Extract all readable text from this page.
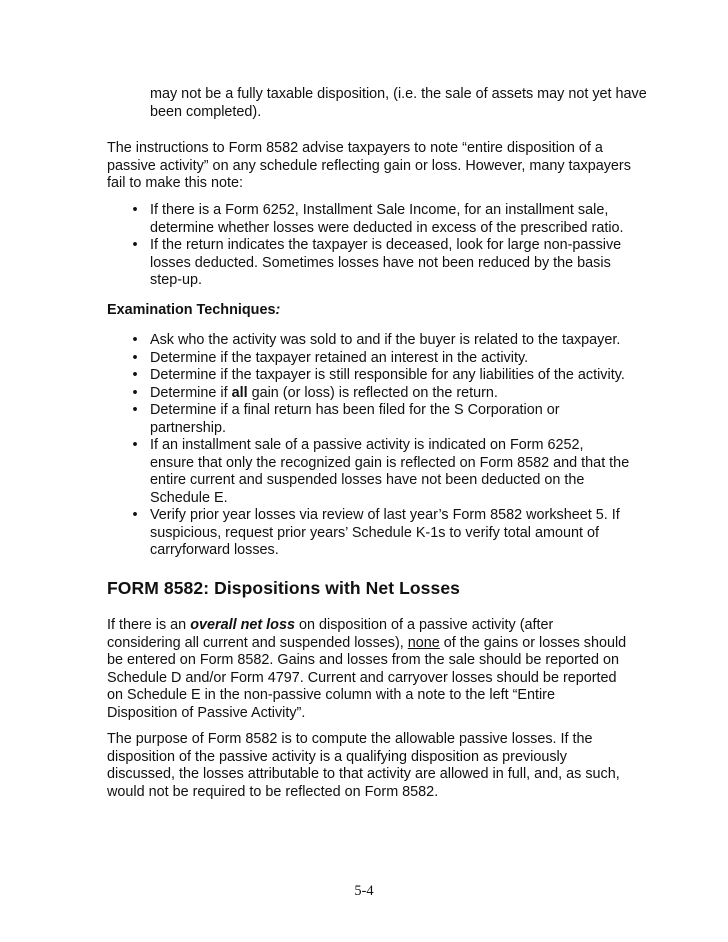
may not be a fully taxable disposition, (i.e. the sale of assets may not yet have been completed).

The instructions to Form 8582 advise taxpayers to note “entire disposition of a passive activity” on any schedule reflecting gain or loss. However, many taxpayers fail to make this note:

• If there is a Form 6252, Installment Sale Income, for an installment sale, determine whether losses were deducted in excess of the prescribed ratio.
• If the return indicates the taxpayer is deceased, look for large non-passive losses deducted. Sometimes losses have not been reduced by the basis step-up.
Examination Techniques:
• Ask who the activity was sold to and if the buyer is related to the taxpayer.
• Determine if the taxpayer retained an interest in the activity.
• Determine if the taxpayer is still responsible for any liabilities of the activity.
• Determine if all gain (or loss) is reflected on the return.
• Determine if a final return has been filed for the S Corporation or partnership.
• If an installment sale of a passive activity is indicated on Form 6252, ensure that only the recognized gain is reflected on Form 8582 and that the entire current and suspended losses have not been deducted on the Schedule E.
• Verify prior year losses via review of last year’s Form 8582 worksheet 5. If suspicious, request prior years’ Schedule K-1s to verify total amount of carryforward losses.
FORM 8582: Dispositions with Net Losses

If there is an overall net loss on disposition of a passive activity (after considering all current and suspended losses), none of the gains or losses should be entered on Form 8582. Gains and losses from the sale should be reported on Schedule D and/or Form 4797. Current and carryover losses should be reported on Schedule E in the non-passive column with a note to the left “Entire Disposition of Passive Activity”.

The purpose of Form 8582 is to compute the allowable passive losses. If the disposition of the passive activity is a qualifying disposition as previously discussed, the losses attributable to that activity are allowed in full, and, as such, would not be required to be reflected on Form 8582.

5-4
